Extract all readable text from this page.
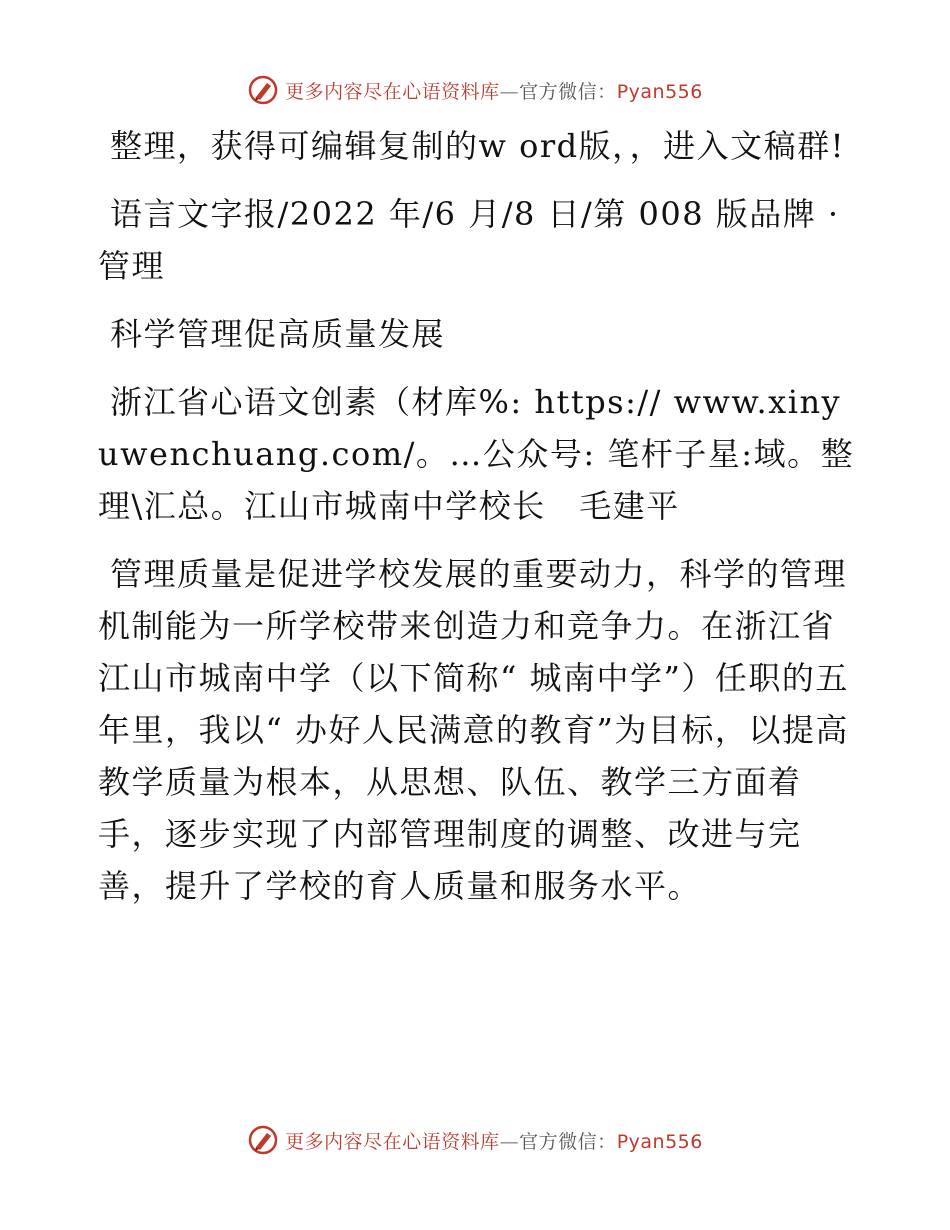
更多内容尽在心语资料库—官方微信：Pyan556

整理，获得可编辑复制的w ord版，，进入文稿群!

语言文字报/2022 年/6 月/8 日/第 008 版品牌 · 管理

科学管理促高质量发展

浙江省心语文创素（材库%: https:// www.xinyuwenchuang.com/。…公众号: 笔杆子星:域。整理\汇总。江山市城南中学校长　毛建平

管理质量是促进学校发展的重要动力，科学的管理机制能为一所学校带来创造力和竞争力。在浙江省江山市城南中学（以下简称“ 城南中学”）任职的五年里，我以“ 办好人民满意的教育”为目标，以提高教学质量为根本，从思想、队伍、教学三方面着手，逐步实现了内部管理制度的调整、改进与完善，提升了学校的育人质量和服务水平。

更多内容尽在心语资料库—官方微信：Pyan556
